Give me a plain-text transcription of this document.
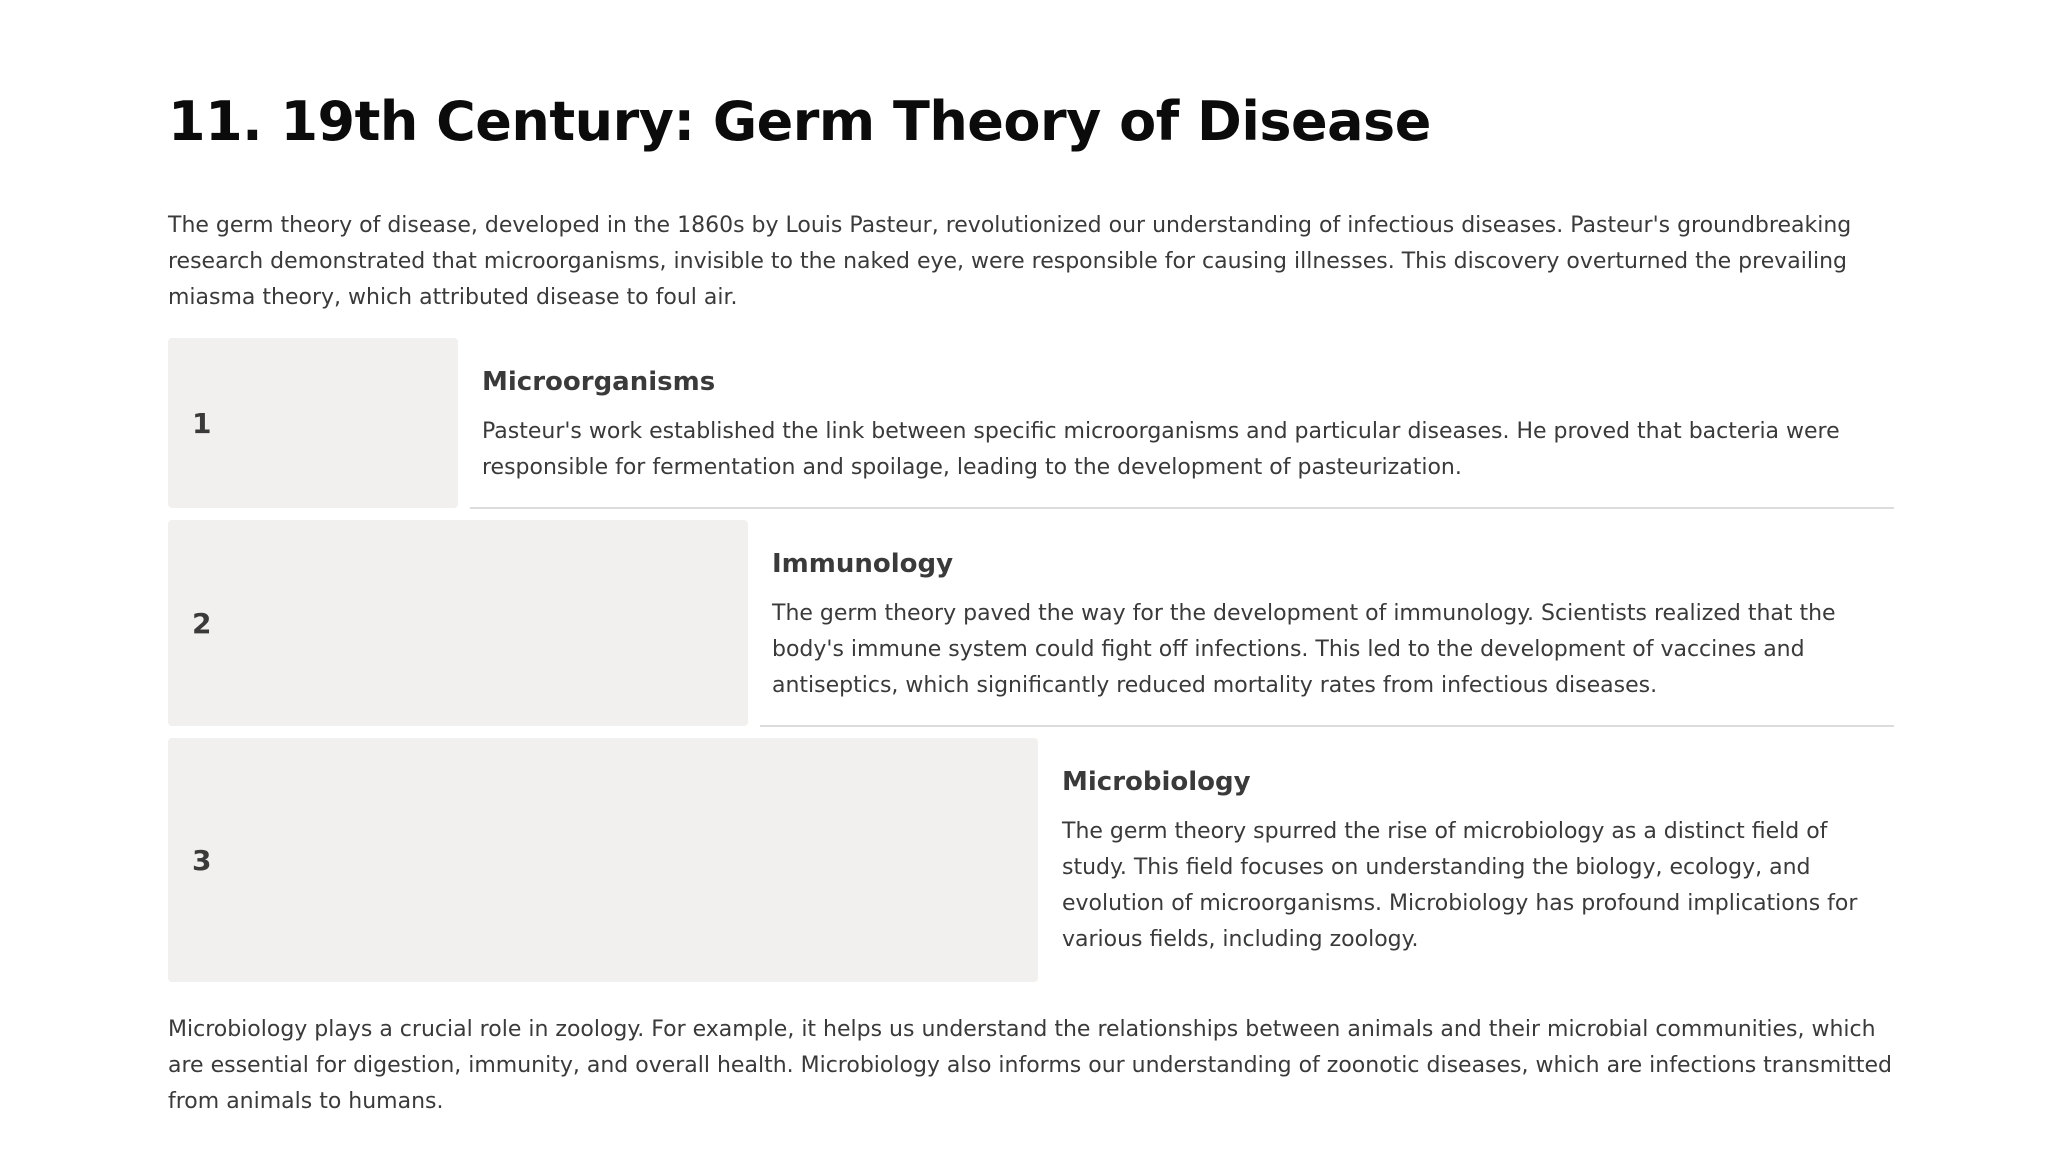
11. 19th Century: Germ Theory of Disease

The germ theory of disease, developed in the 1860s by Louis Pasteur, revolutionized our understanding of infectious diseases. Pasteur's groundbreaking research demonstrated that microorganisms, invisible to the naked eye, were responsible for causing illnesses. This discovery overturned the prevailing miasma theory, which attributed disease to foul air.

1
Microorganisms

Pasteur's work established the link between specific microorganisms and particular diseases. He proved that bacteria were responsible for fermentation and spoilage, leading to the development of pasteurization.

2
Immunology

The germ theory paved the way for the development of immunology. Scientists realized that the body's immune system could fight off infections. This led to the development of vaccines and antiseptics, which significantly reduced mortality rates from infectious diseases.

3
Microbiology

The germ theory spurred the rise of microbiology as a distinct field of study. This field focuses on understanding the biology, ecology, and evolution of microorganisms. Microbiology has profound implications for various fields, including zoology.

Microbiology plays a crucial role in zoology. For example, it helps us understand the relationships between animals and their microbial communities, which are essential for digestion, immunity, and overall health. Microbiology also informs our understanding of zoonotic diseases, which are infections transmitted from animals to humans.
